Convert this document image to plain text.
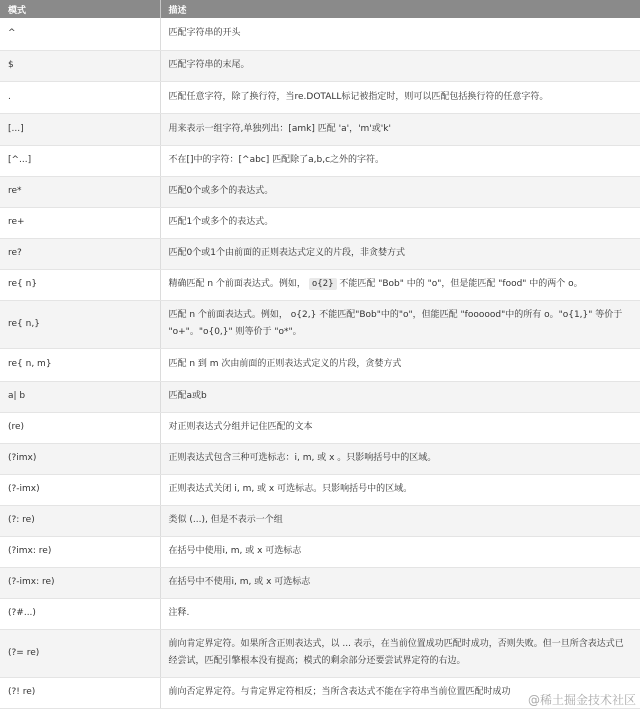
模式	描述
^	匹配字符串的开头
$	匹配字符串的末尾。
.	匹配任意字符，除了换行符，当re.DOTALL标记被指定时，则可以匹配包括换行符的任意字符。
[...]	用来表示一组字符,单独列出：[amk] 匹配 'a'，'m'或'k'
[^...]	不在[]中的字符：[^abc] 匹配除了a,b,c之外的字符。
re*	匹配0个或多个的表达式。
re+	匹配1个或多个的表达式。
re?	匹配0个或1个由前面的正则表达式定义的片段，非贪婪方式
re{ n}	精确匹配 n 个前面表达式。例如， o{2} 不能匹配 "Bob" 中的 "o"，但是能匹配 "food" 中的两个 o。
re{ n,}	匹配 n 个前面表达式。例如， o{2,} 不能匹配"Bob"中的"o"，但能匹配 "foooood"中的所有 o。"o{1,}" 等价于 "o+"。"o{0,}" 则等价于 "o*"。
re{ n, m}	匹配 n 到 m 次由前面的正则表达式定义的片段，贪婪方式
a| b	匹配a或b
(re)	对正则表达式分组并记住匹配的文本
(?imx)	正则表达式包含三种可选标志：i, m, 或 x 。只影响括号中的区域。
(?-imx)	正则表达式关闭 i, m, 或 x 可选标志。只影响括号中的区域。
(?: re)	类似 (...), 但是不表示一个组
(?imx: re)	在括号中使用i, m, 或 x 可选标志
(?-imx: re)	在括号中不使用i, m, 或 x 可选标志
(?#...)	注释.
(?= re)	前向肯定界定符。如果所含正则表达式，以 ... 表示，在当前位置成功匹配时成功，否则失败。但一旦所含表达式已经尝试，匹配引擎根本没有提高；模式的剩余部分还要尝试界定符的右边。
(?! re)	前向否定界定符。与肯定界定符相反；当所含表达式不能在字符串当前位置匹配时成功
@稀土掘金技术社区
